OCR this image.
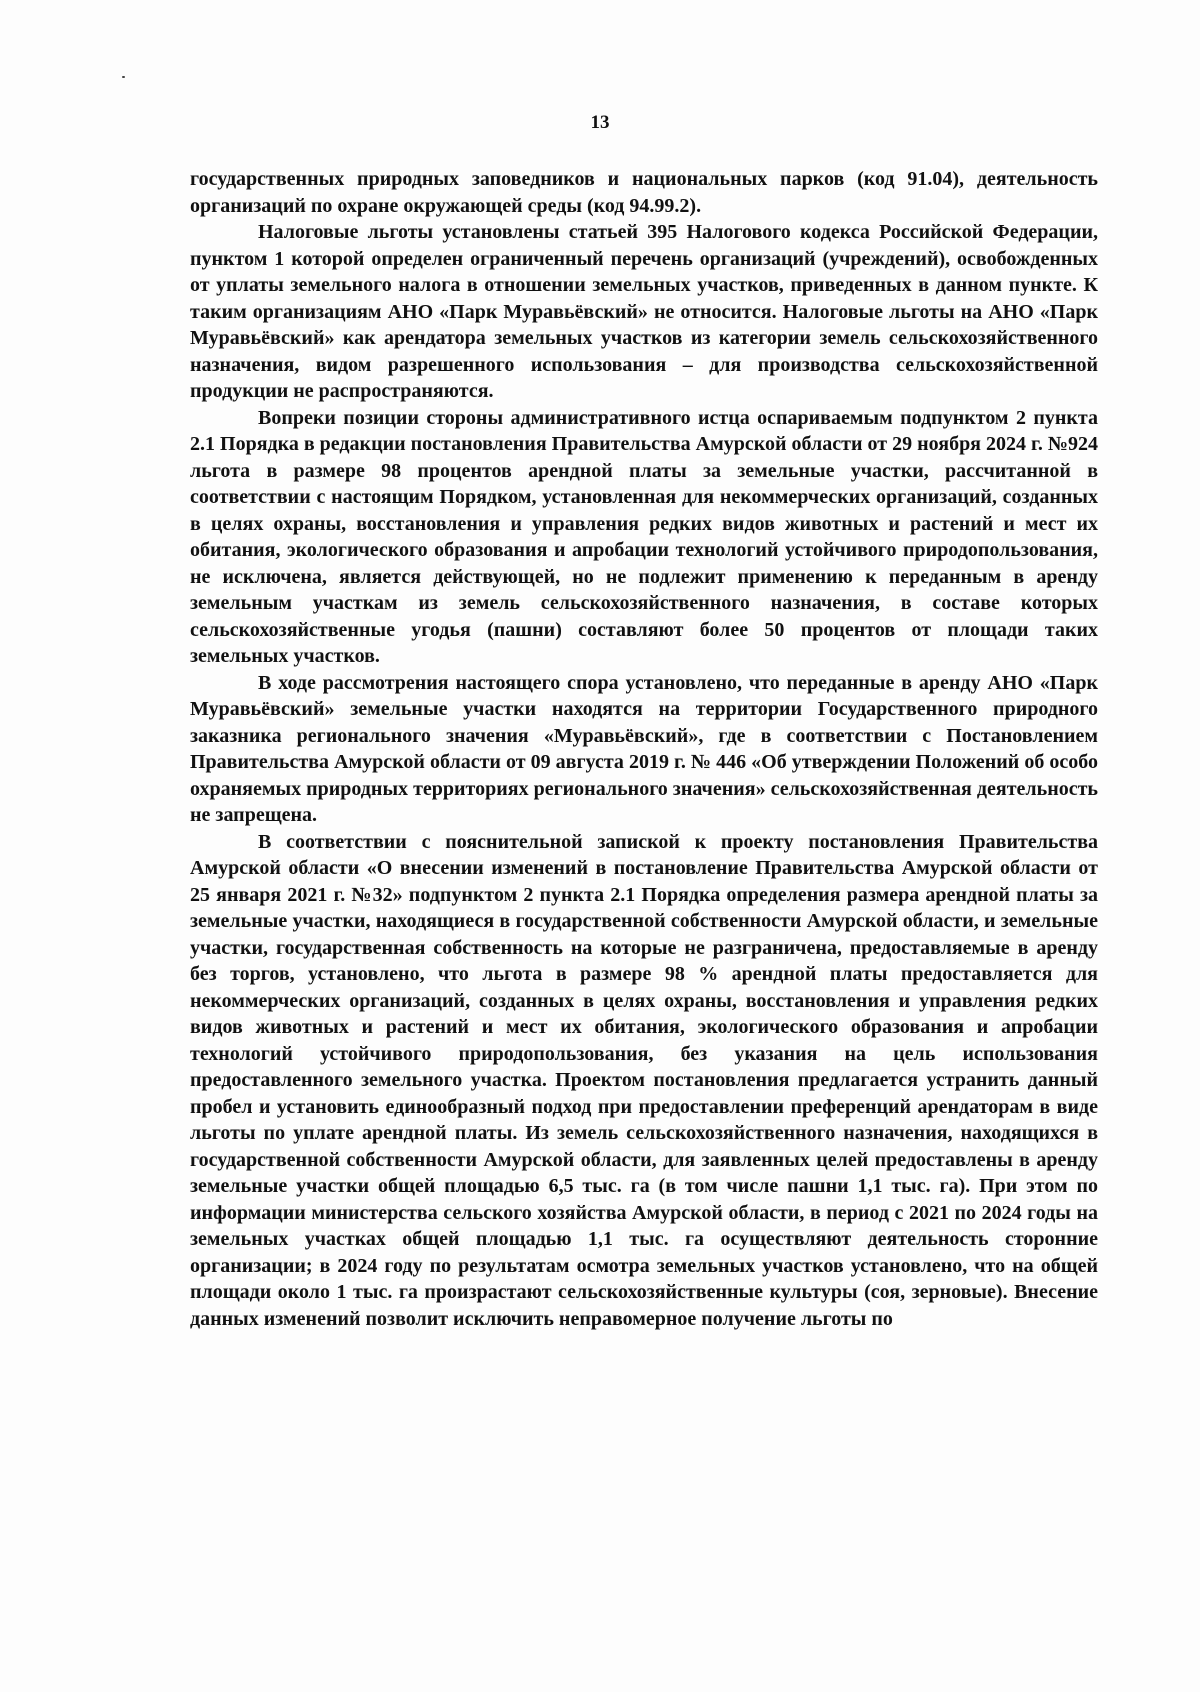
13

государственных природных заповедников и национальных парков (код 91.04), деятельность организаций по охране окружающей среды (код 94.99.2).

Налоговые льготы установлены статьей 395 Налогового кодекса Российской Федерации, пунктом 1 которой определен ограниченный перечень организаций (учреждений), освобожденных от уплаты земельного налога в отношении земельных участков, приведенных в данном пункте. К таким организациям АНО «Парк Муравьёвский» не относится. Налоговые льготы на АНО «Парк Муравьёвский» как арендатора земельных участков из категории земель сельскохозяйственного назначения, видом разрешенного использования – для производства сельскохозяйственной продукции не распространяются.

Вопреки позиции стороны административного истца оспариваемым подпунктом 2 пункта 2.1 Порядка в редакции постановления Правительства Амурской области от 29 ноября 2024 г. №924 льгота в размере 98 процентов арендной платы за земельные участки, рассчитанной в соответствии с настоящим Порядком, установленная для некоммерческих организаций, созданных в целях охраны, восстановления и управления редких видов животных и растений и мест их обитания, экологического образования и апробации технологий устойчивого природопользования, не исключена, является действующей, но не подлежит применению к переданным в аренду земельным участкам из земель сельскохозяйственного назначения, в составе которых сельскохозяйственные угодья (пашни) составляют более 50 процентов от площади таких земельных участков.

В ходе рассмотрения настоящего спора установлено, что переданные в аренду АНО «Парк Муравьёвский» земельные участки находятся на территории Государственного природного заказника регионального значения «Муравьёвский», где в соответствии с Постановлением Правительства Амурской области от 09 августа 2019 г. № 446 «Об утверждении Положений об особо охраняемых природных территориях регионального значения» сельскохозяйственная деятельность не запрещена.

В соответствии с пояснительной запиской к проекту постановления Правительства Амурской области «О внесении изменений в постановление Правительства Амурской области от 25 января 2021 г. №32» подпунктом 2 пункта 2.1 Порядка определения размера арендной платы за земельные участки, находящиеся в государственной собственности Амурской области, и земельные участки, государственная собственность на которые не разграничена, предоставляемые в аренду без торгов, установлено, что льгота в размере 98 % арендной платы предоставляется для некоммерческих организаций, созданных в целях охраны, восстановления и управления редких видов животных и растений и мест их обитания, экологического образования и апробации технологий устойчивого природопользования, без указания на цель использования предоставленного земельного участка. Проектом постановления предлагается устранить данный пробел и установить единообразный подход при предоставлении преференций арендаторам в виде льготы по уплате арендной платы. Из земель сельскохозяйственного назначения, находящихся в государственной собственности Амурской области, для заявленных целей предоставлены в аренду земельные участки общей площадью 6,5 тыс. га (в том числе пашни 1,1 тыс. га). При этом по информации министерства сельского хозяйства Амурской области, в период с 2021 по 2024 годы на земельных участках общей площадью 1,1 тыс. га осуществляют деятельность сторонние организации; в 2024 году по результатам осмотра земельных участков установлено, что на общей площади около 1 тыс. га произрастают сельскохозяйственные культуры (соя, зерновые). Внесение данных изменений позволит исключить неправомерное получение льготы по
